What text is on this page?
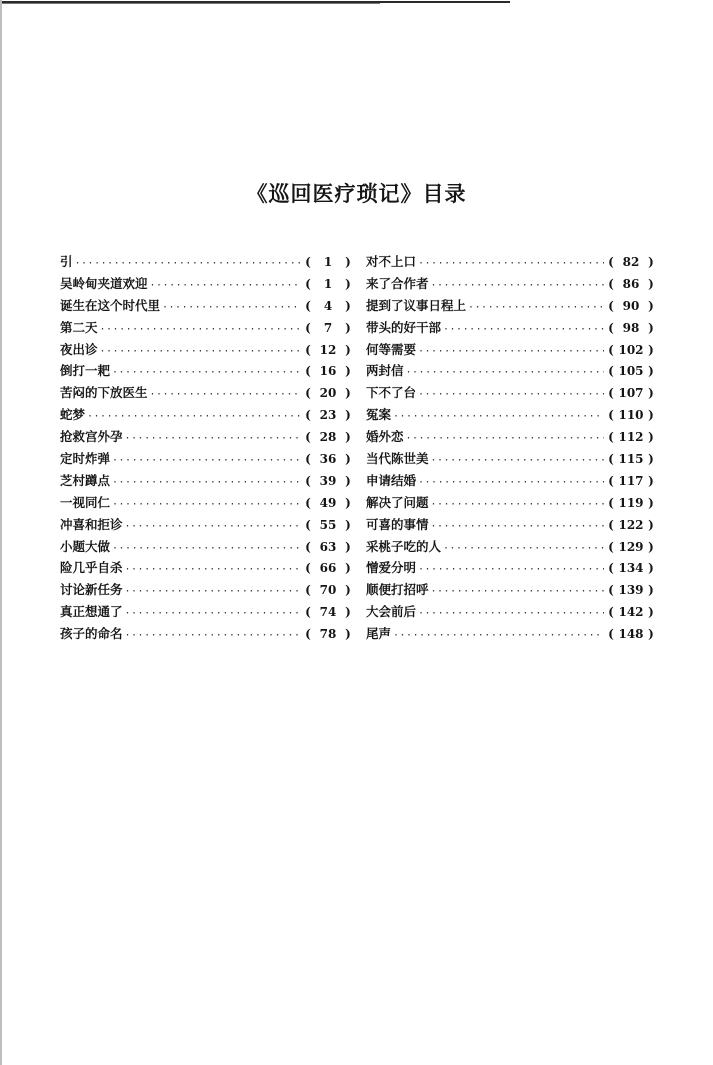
《巡回医疗琐记》目录
引 ·····	(	1	)
吴岭甸夹道欢迎 ·····	(	1	)
诞生在这个时代里 ·····	(	4	)
第二天 ·····	(	7	)
夜出诊 ·····	( 12 )
倒打一耙 ·····	( 16 )
苦闷的下放医生 ·····	( 20 )
蛇梦 ·····	( 23 )
抢救宫外孕 ·····	( 28 )
定时炸弹 ·····	( 36 )
芝村蹲点 ·····	( 39 )
一视同仁 ·····	( 49 )
冲喜和拒诊 ·····	( 55 )
小题大做 ·····	( 63 )
险几乎自杀 ·····	( 66 )
讨论新任务 ·····	( 70 )
真正想通了 ·····	( 74 )
孩子的命名 ·····	( 78 )
对不上口 ·····	( 82 )
来了合作者 ·····	( 86 )
提到了议事日程上 ·····	( 90 )
带头的好干部 ·····	( 98 )
何等需要 ·····	( 102 )
两封信 ·····	( 105 )
下不了台 ·····	( 107 )
冤案 ·····	( 110 )
婚外恋 ·····	( 112 )
当代陈世美 ·····	( 115 )
申请结婚 ·····	( 117 )
解决了问题 ·····	( 119 )
可喜的事情 ·····	( 122 )
采桃子吃的人 ·····	( 129 )
憎爱分明 ·····	( 134 )
顺便打招呼 ·····	( 139 )
大会前后 ·····	( 142 )
尾声 ·····	( 148 )
